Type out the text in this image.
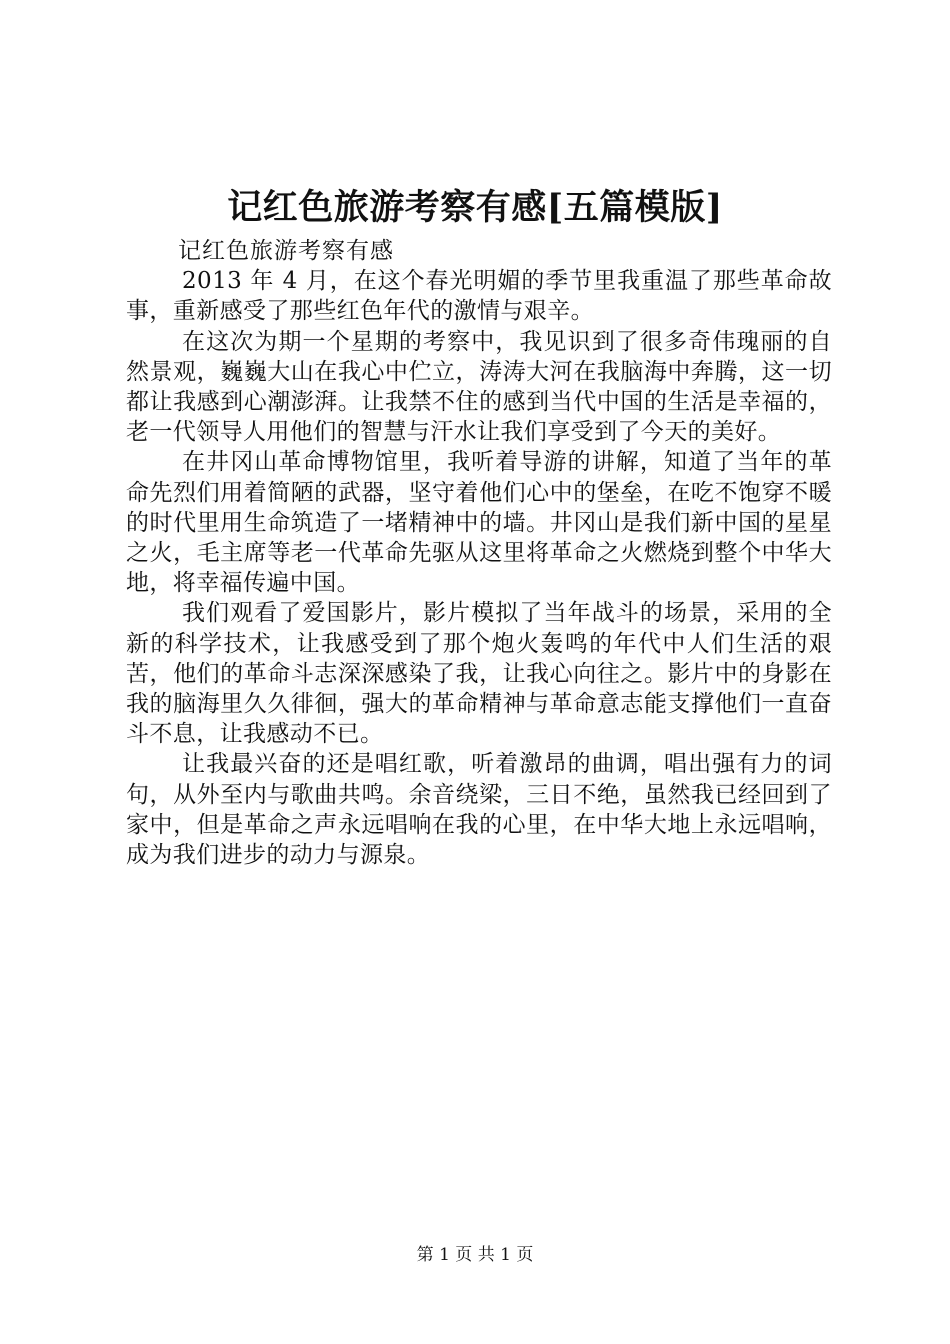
记红色旅游考察有感[五篇模版]

记红色旅游考察有感

2013 年 4 月，在这个春光明媚的季节里我重温了那些革命故事，重新感受了那些红色年代的激情与艰辛。

在这次为期一个星期的考察中，我见识到了很多奇伟瑰丽的自然景观，巍巍大山在我心中伫立，涛涛大河在我脑海中奔腾，这一切都让我感到心潮澎湃。让我禁不住的感到当代中国的生活是幸福的，老一代领导人用他们的智慧与汗水让我们享受到了今天的美好。

在井冈山革命博物馆里，我听着导游的讲解，知道了当年的革命先烈们用着简陋的武器，坚守着他们心中的堡垒，在吃不饱穿不暖的时代里用生命筑造了一堵精神中的墙。井冈山是我们新中国的星星之火，毛主席等老一代革命先驱从这里将革命之火燃烧到整个中华大地，将幸福传遍中国。

我们观看了爱国影片，影片模拟了当年战斗的场景，采用的全新的科学技术，让我感受到了那个炮火轰鸣的年代中人们生活的艰苦，他们的革命斗志深深感染了我，让我心向往之。影片中的身影在我的脑海里久久徘徊，强大的革命精神与革命意志能支撑他们一直奋斗不息，让我感动不已。

让我最兴奋的还是唱红歌，听着激昂的曲调，唱出强有力的词句，从外至内与歌曲共鸣。余音绕梁，三日不绝，虽然我已经回到了家中，但是革命之声永远唱响在我的心里，在中华大地上永远唱响，成为我们进步的动力与源泉。

第 1 页 共 1 页
